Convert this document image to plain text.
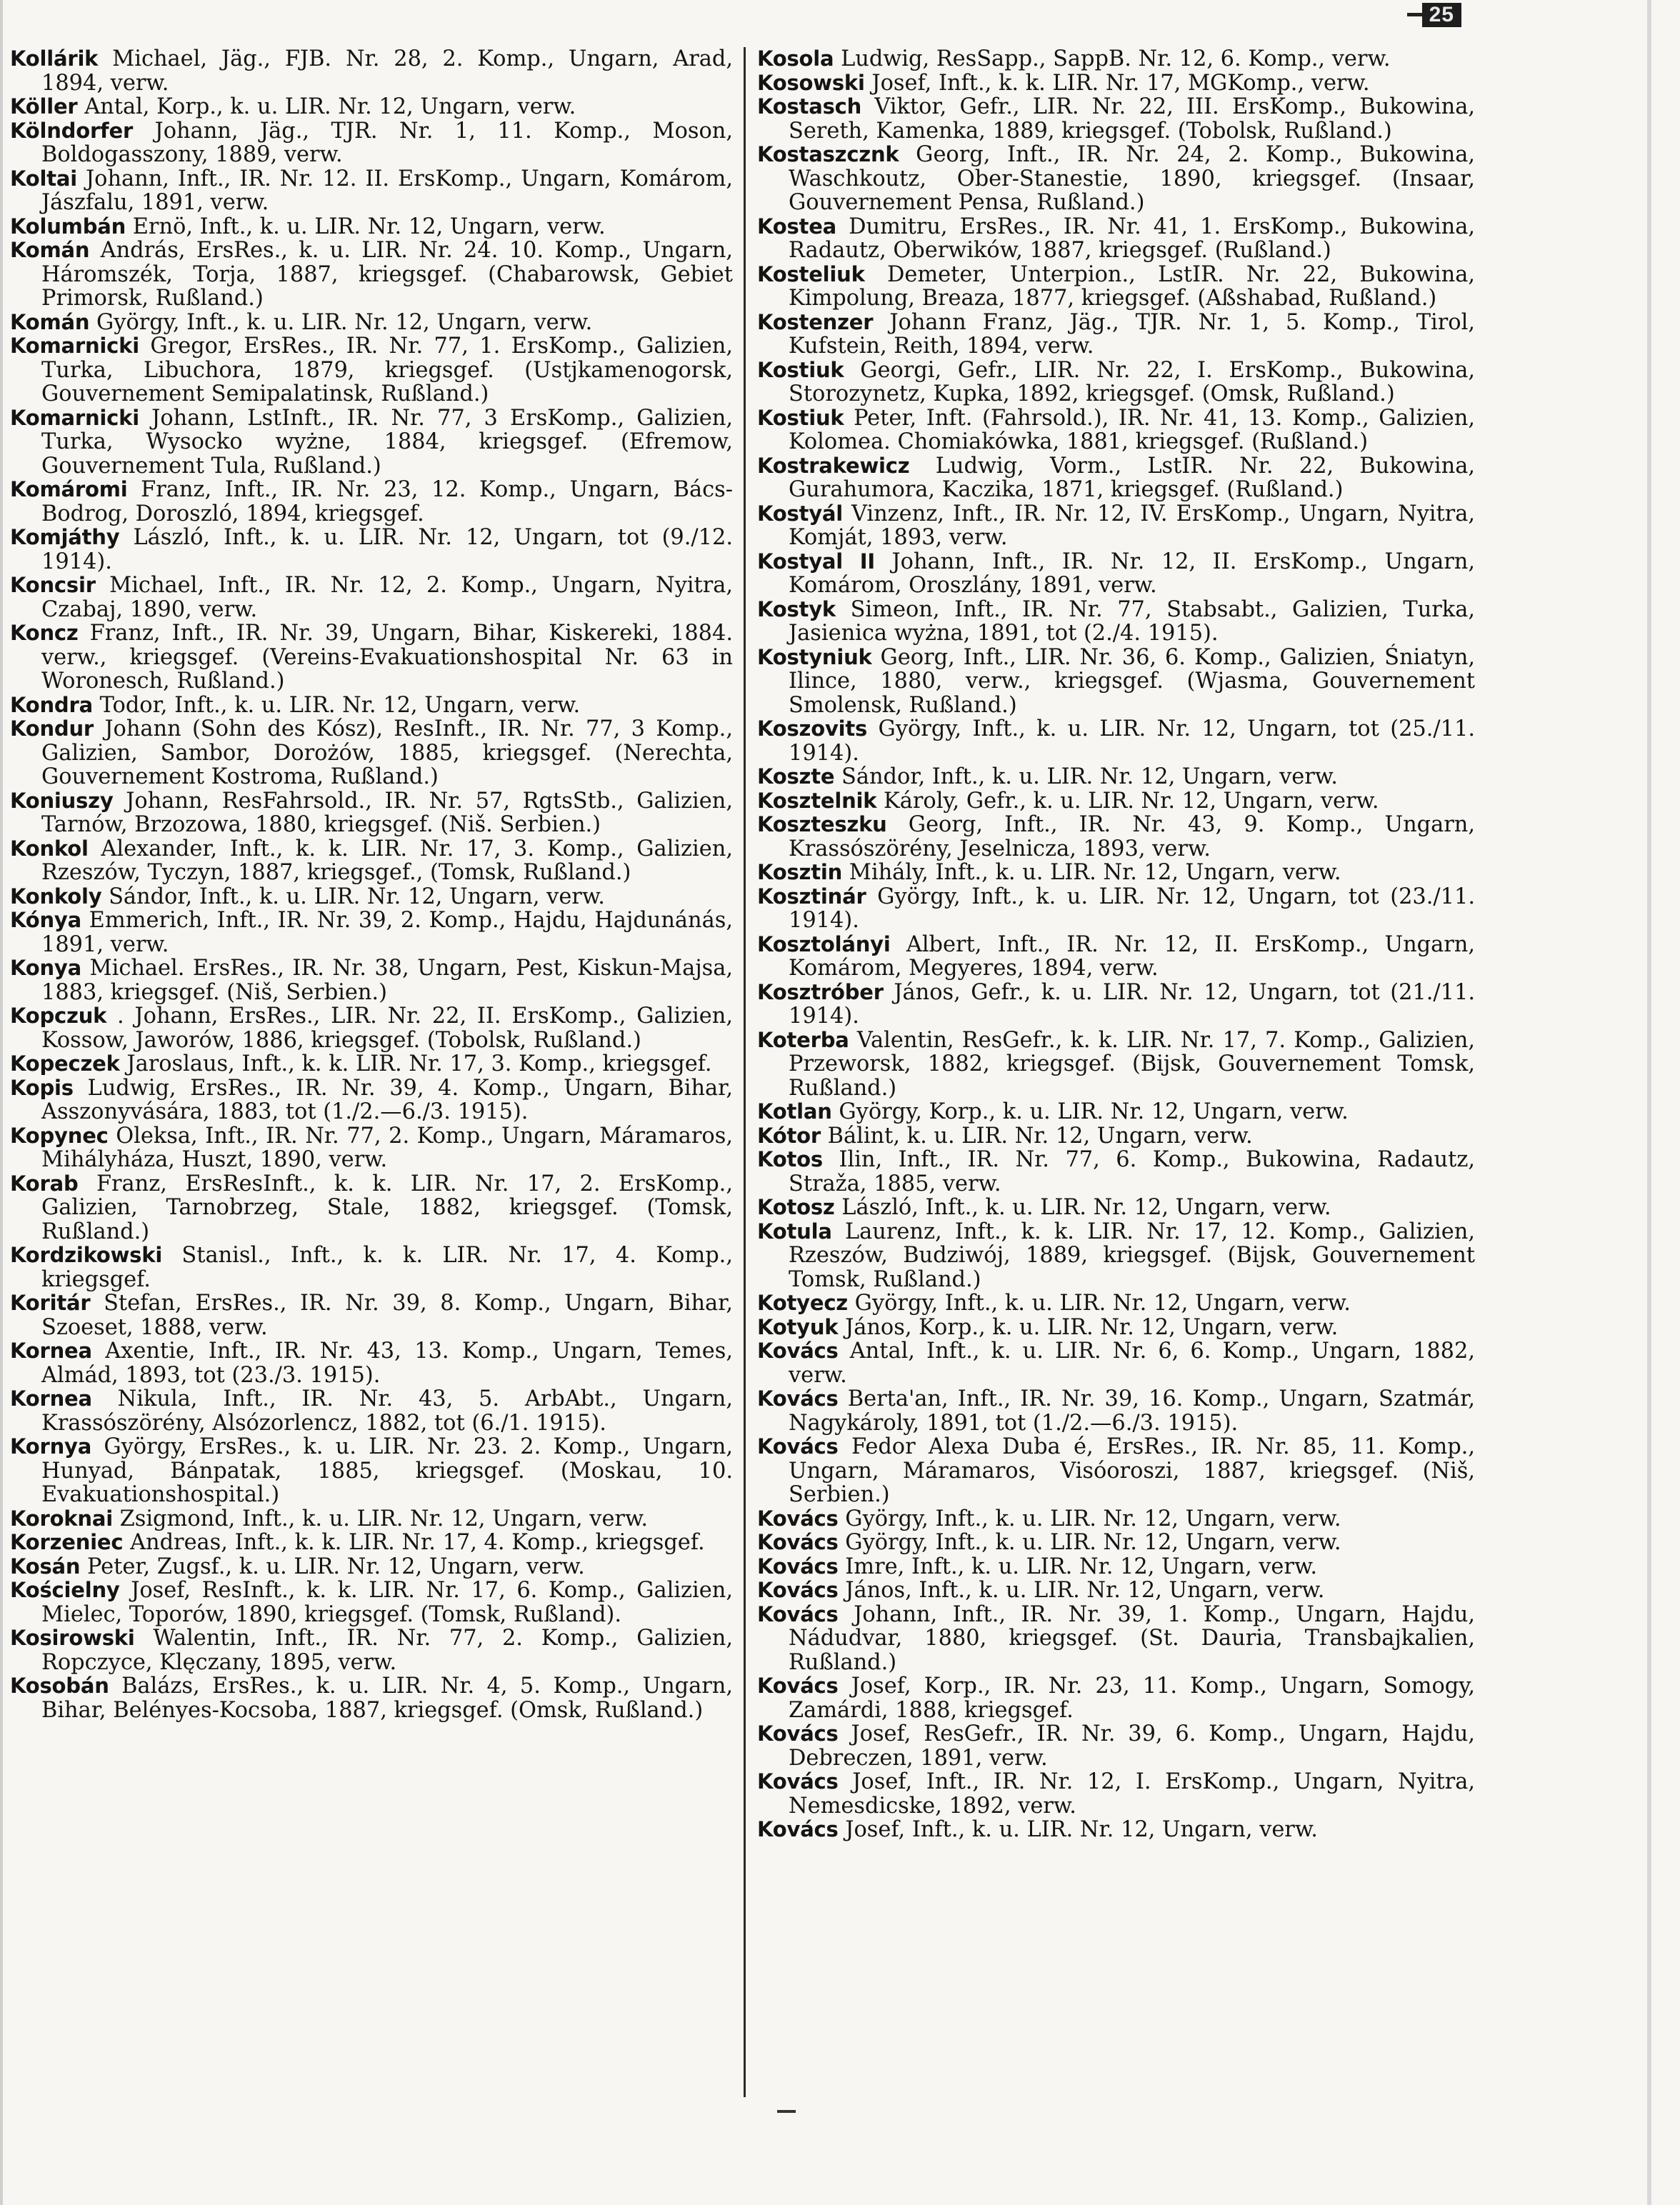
25

Kollárik Michael, Jäg., FJB. Nr. 28, 2. Komp., Ungarn, Arad, 1894, verw.

Köller Antal, Korp., k. u. LIR. Nr. 12, Ungarn, verw.

Kölndorfer Johann, Jäg., TJR. Nr. 1, 11. Komp., Moson, Boldogasszony, 1889, verw.

Koltai Johann, Inft., IR. Nr. 12. II. ErsKomp., Ungarn, Komárom, Jászfalu, 1891, verw.

Kolumbán Ernö, Inft., k. u. LIR. Nr. 12, Ungarn, verw.

Komán András, ErsRes., k. u. LIR. Nr. 24. 10. Komp., Ungarn, Háromszék, Torja, 1887, kriegsgef. (Chabarowsk, Gebiet Primorsk, Rußland.)

Komán György, Inft., k. u. LIR. Nr. 12, Ungarn, verw.

Komarnicki Gregor, ErsRes., IR. Nr. 77, 1. ErsKomp., Galizien, Turka, Libuchora, 1879, kriegsgef. (Ustjkamenogorsk, Gouvernement Semipalatinsk, Rußland.)

Komarnicki Johann, LstInft., IR. Nr. 77, 3 ErsKomp., Galizien, Turka, Wysocko wyżne, 1884, kriegsgef. (Efremow, Gouvernement Tula, Rußland.)

Komáromi Franz, Inft., IR. Nr. 23, 12. Komp., Ungarn, Bács-Bodrog, Doroszló, 1894, kriegsgef.

Komjáthy László, Inft., k. u. LIR. Nr. 12, Ungarn, tot (9./12. 1914).

Koncsir Michael, Inft., IR. Nr. 12, 2. Komp., Ungarn, Nyitra, Czabaj, 1890, verw.

Koncz Franz, Inft., IR. Nr. 39, Ungarn, Bihar, Kiskereki, 1884. verw., kriegsgef. (Vereins-Evakuationshospital Nr. 63 in Woronesch, Rußland.)

Kondra Todor, Inft., k. u. LIR. Nr. 12, Ungarn, verw.

Kondur Johann (Sohn des Kósz), ResInft., IR. Nr. 77, 3 Komp., Galizien, Sambor, Dorożów, 1885, kriegsgef. (Nerechta, Gouvernement Kostroma, Rußland.)

Koniuszy Johann, ResFahrsold., IR. Nr. 57, RgtsStb., Galizien, Tarnów, Brzozowa, 1880, kriegsgef. (Niš. Serbien.)

Konkol Alexander, Inft., k. k. LIR. Nr. 17, 3. Komp., Galizien, Rzeszów, Tyczyn, 1887, kriegsgef., (Tomsk, Rußland.)

Konkoly Sándor, Inft., k. u. LIR. Nr. 12, Ungarn, verw.

Kónya Emmerich, Inft., IR. Nr. 39, 2. Komp., Hajdu, Hajdunánás, 1891, verw.

Konya Michael. ErsRes., IR. Nr. 38, Ungarn, Pest, Kiskun-Majsa, 1883, kriegsgef. (Niš, Serbien.)

Kopczuk . Johann, ErsRes., LIR. Nr. 22, II. ErsKomp., Galizien, Kossow, Jaworów, 1886, kriegsgef. (Tobolsk, Rußland.)

Kopeczek Jaroslaus, Inft., k. k. LIR. Nr. 17, 3. Komp., kriegsgef.

Kopis Ludwig, ErsRes., IR. Nr. 39, 4. Komp., Ungarn, Bihar, Asszonyvására, 1883, tot (1./2.—6./3. 1915).

Kopynec Oleksa, Inft., IR. Nr. 77, 2. Komp., Ungarn, Máramaros, Mihályháza, Huszt, 1890, verw.

Korab Franz, ErsResInft., k. k. LIR. Nr. 17, 2. ErsKomp., Galizien, Tarnobrzeg, Stale, 1882, kriegsgef. (Tomsk, Rußland.)

Kordzikowski Stanisl., Inft., k. k. LIR. Nr. 17, 4. Komp., kriegsgef.

Koritár Stefan, ErsRes., IR. Nr. 39, 8. Komp., Ungarn, Bihar, Szoeset, 1888, verw.

Kornea Axentie, Inft., IR. Nr. 43, 13. Komp., Ungarn, Temes, Almád, 1893, tot (23./3. 1915).

Kornea Nikula, Inft., IR. Nr. 43, 5. ArbAbt., Ungarn, Krassószörény, Alsózorlencz, 1882, tot (6./1. 1915).

Kornya György, ErsRes., k. u. LIR. Nr. 23. 2. Komp., Ungarn, Hunyad, Bánpatak, 1885, kriegsgef. (Moskau, 10. Evakuationshospital.)

Koroknai Zsigmond, Inft., k. u. LIR. Nr. 12, Ungarn, verw.

Korzeniec Andreas, Inft., k. k. LIR. Nr. 17, 4. Komp., kriegsgef.

Kosán Peter, Zugsf., k. u. LIR. Nr. 12, Ungarn, verw.

Kościelny Josef, ResInft., k. k. LIR. Nr. 17, 6. Komp., Galizien, Mielec, Toporów, 1890, kriegsgef. (Tomsk, Rußland).

Kosirowski Walentin, Inft., IR. Nr. 77, 2. Komp., Galizien, Ropczyce, Klęczany, 1895, verw.

Kosobán Balázs, ErsRes., k. u. LIR. Nr. 4, 5. Komp., Ungarn, Bihar, Belényes-Kocsoba, 1887, kriegsgef. (Omsk, Rußland.)

Kosola Ludwig, ResSapp., SappB. Nr. 12, 6. Komp., verw.

Kosowski Josef, Inft., k. k. LIR. Nr. 17, MGKomp., verw.

Kostasch Viktor, Gefr., LIR. Nr. 22, III. ErsKomp., Bukowina, Sereth, Kamenka, 1889, kriegsgef. (Tobolsk, Rußland.)

Kostaszcznk Georg, Inft., IR. Nr. 24, 2. Komp., Bukowina, Waschkoutz, Ober-Stanestie, 1890, kriegsgef. (Insaar, Gouvernement Pensa, Rußland.)

Kostea Dumitru, ErsRes., IR. Nr. 41, 1. ErsKomp., Bukowina, Radautz, Oberwików, 1887, kriegsgef. (Rußland.)

Kosteliuk Demeter, Unterpion., LstIR. Nr. 22, Bukowina, Kimpolung, Breaza, 1877, kriegsgef. (Aßshabad, Rußland.)

Kostenzer Johann Franz, Jäg., TJR. Nr. 1, 5. Komp., Tirol, Kufstein, Reith, 1894, verw.

Kostiuk Georgi, Gefr., LIR. Nr. 22, I. ErsKomp., Bukowina, Storozynetz, Kupka, 1892, kriegsgef. (Omsk, Rußland.)

Kostiuk Peter, Inft. (Fahrsold.), IR. Nr. 41, 13. Komp., Galizien, Kolomea. Chomiakówka, 1881, kriegsgef. (Rußland.)

Kostrakewicz Ludwig, Vorm., LstIR. Nr. 22, Bukowina, Gurahumora, Kaczika, 1871, kriegsgef. (Rußland.)

Kostyál Vinzenz, Inft., IR. Nr. 12, IV. ErsKomp., Ungarn, Nyitra, Komját, 1893, verw.

Kostyal II Johann, Inft., IR. Nr. 12, II. ErsKomp., Ungarn, Komárom, Oroszlány, 1891, verw.

Kostyk Simeon, Inft., IR. Nr. 77, Stabsabt., Galizien, Turka, Jasienica wyżna, 1891, tot (2./4. 1915).

Kostyniuk Georg, Inft., LIR. Nr. 36, 6. Komp., Galizien, Śniatyn, Ilince, 1880, verw., kriegsgef. (Wjasma, Gouvernement Smolensk, Rußland.)

Koszovits György, Inft., k. u. LIR. Nr. 12, Ungarn, tot (25./11. 1914).

Koszte Sándor, Inft., k. u. LIR. Nr. 12, Ungarn, verw.

Kosztelnik Károly, Gefr., k. u. LIR. Nr. 12, Ungarn, verw.

Koszteszku Georg, Inft., IR. Nr. 43, 9. Komp., Ungarn, Krassószörény, Jeselnicza, 1893, verw.

Kosztin Mihály, Inft., k. u. LIR. Nr. 12, Ungarn, verw.

Kosztinár György, Inft., k. u. LIR. Nr. 12, Ungarn, tot (23./11. 1914).

Kosztolányi Albert, Inft., IR. Nr. 12, II. ErsKomp., Ungarn, Komárom, Megyeres, 1894, verw.

Kosztróber János, Gefr., k. u. LIR. Nr. 12, Ungarn, tot (21./11. 1914).

Koterba Valentin, ResGefr., k. k. LIR. Nr. 17, 7. Komp., Galizien, Przeworsk, 1882, kriegsgef. (Bijsk, Gouvernement Tomsk, Rußland.)

Kotlan György, Korp., k. u. LIR. Nr. 12, Ungarn, verw.

Kótor Bálint, k. u. LIR. Nr. 12, Ungarn, verw.

Kotos Ilin, Inft., IR. Nr. 77, 6. Komp., Bukowina, Radautz, Straža, 1885, verw.

Kotosz László, Inft., k. u. LIR. Nr. 12, Ungarn, verw.

Kotula Laurenz, Inft., k. k. LIR. Nr. 17, 12. Komp., Galizien, Rzeszów, Budziwój, 1889, kriegsgef. (Bijsk, Gouvernement Tomsk, Rußland.)

Kotyecz György, Inft., k. u. LIR. Nr. 12, Ungarn, verw.

Kotyuk János, Korp., k. u. LIR. Nr. 12, Ungarn, verw.

Kovács Antal, Inft., k. u. LIR. Nr. 6, 6. Komp., Ungarn, 1882, verw.

Kovács Berta'an, Inft., IR. Nr. 39, 16. Komp., Ungarn, Szatmár, Nagykároly, 1891, tot (1./2.—6./3. 1915).

Kovács Fedor Alexa Duba é, ErsRes., IR. Nr. 85, 11. Komp., Ungarn, Máramaros, Visóoroszi, 1887, kriegsgef. (Niš, Serbien.)

Kovács György, Inft., k. u. LIR. Nr. 12, Ungarn, verw.

Kovács György, Inft., k. u. LIR. Nr. 12, Ungarn, verw.

Kovács Imre, Inft., k. u. LIR. Nr. 12, Ungarn, verw.

Kovács János, Inft., k. u. LIR. Nr. 12, Ungarn, verw.

Kovács Johann, Inft., IR. Nr. 39, 1. Komp., Ungarn, Hajdu, Nádudvar, 1880, kriegsgef. (St. Dauria, Transbajkalien, Rußland.)

Kovács Josef, Korp., IR. Nr. 23, 11. Komp., Ungarn, Somogy, Zamárdi, 1888, kriegsgef.

Kovács Josef, ResGefr., IR. Nr. 39, 6. Komp., Ungarn, Hajdu, Debreczen, 1891, verw.

Kovács Josef, Inft., IR. Nr. 12, I. ErsKomp., Ungarn, Nyitra, Nemesdicske, 1892, verw.

Kovács Josef, Inft., k. u. LIR. Nr. 12, Ungarn, verw.
